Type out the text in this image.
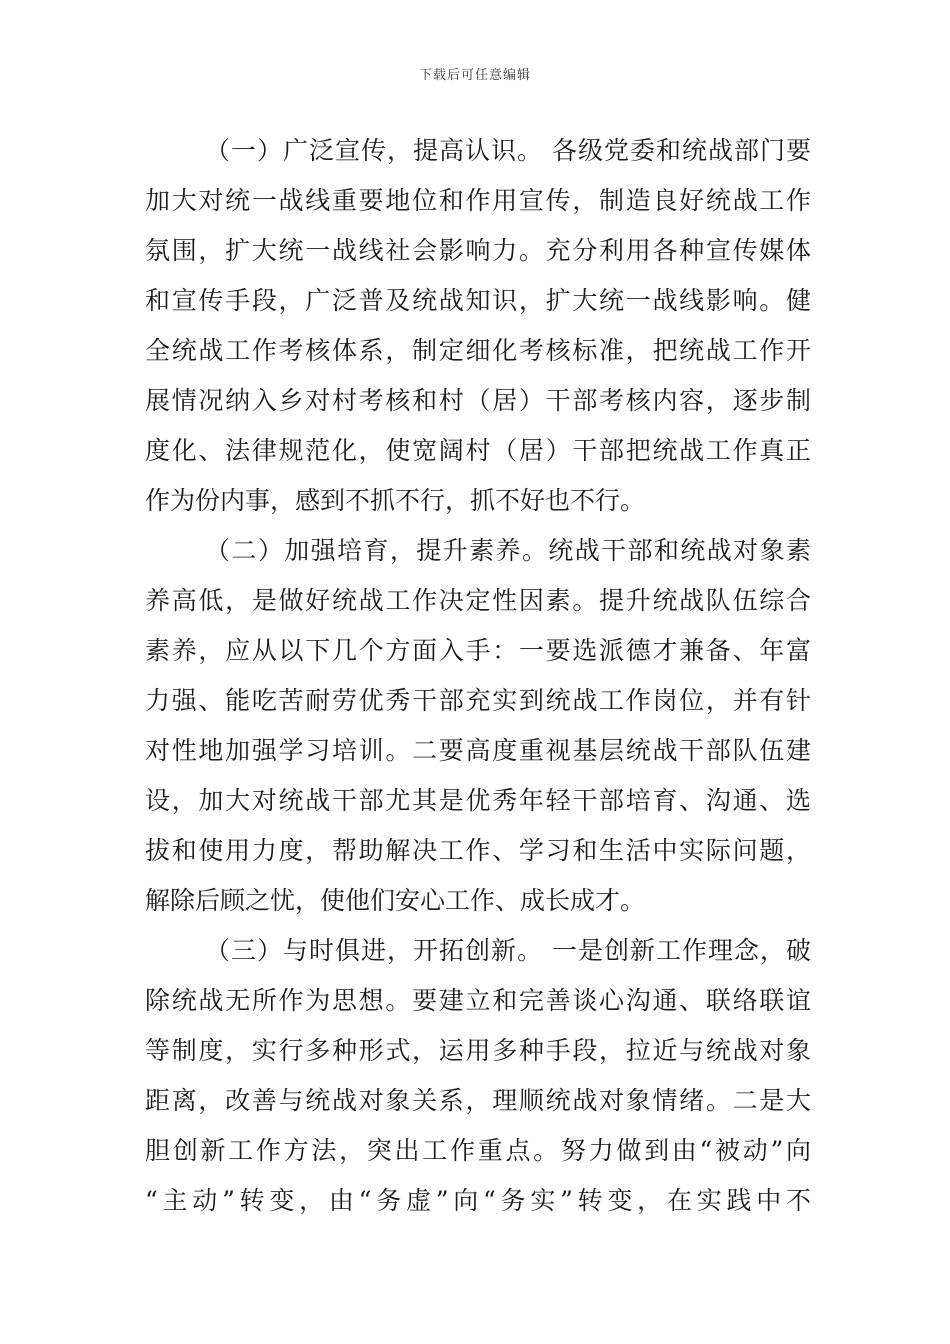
下载后可任意编辑
（一）广泛宣传，提高认识。 各级党委和统战部门要
加大对统一战线重要地位和作用宣传，制造良好统战工作
氛围，扩大统一战线社会影响力。充分利用各种宣传媒体
和宣传手段，广泛普及统战知识，扩大统一战线影响。健
全统战工作考核体系，制定细化考核标准，把统战工作开
展情况纳入乡对村考核和村（居）干部考核内容，逐步制
度化、法律规范化，使宽阔村（居）干部把统战工作真正
作为份内事，感到不抓不行，抓不好也不行。
（二）加强培育，提升素养。统战干部和统战对象素
养高低，是做好统战工作决定性因素。提升统战队伍综合
素养，应从以下几个方面入手：一要选派德才兼备、年富
力强、能吃苦耐劳优秀干部充实到统战工作岗位，并有针
对性地加强学习培训。二要高度重视基层统战干部队伍建
设，加大对统战干部尤其是优秀年轻干部培育、沟通、选
拔和使用力度，帮助解决工作、学习和生活中实际问题，
解除后顾之忧，使他们安心工作、成长成才。
（三）与时俱进，开拓创新。 一是创新工作理念，破
除统战无所作为思想。要建立和完善谈心沟通、联络联谊
等制度，实行多种形式，运用多种手段，拉近与统战对象
距离，改善与统战对象关系，理顺统战对象情绪。二是大
胆创新工作方法，突出工作重点。努力做到由“被动”向
“主动”转变，由“务虚”向“务实”转变，在实践中不
